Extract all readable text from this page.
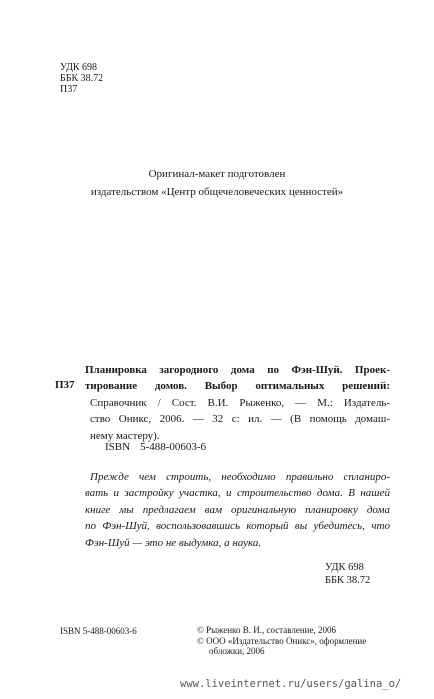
УДК 698
ББК 38.72
П37
Оригинал-макет подготовлен
издательством «Центр общечеловеческих ценностей»
П37
Планировка загородного дома по Фэн-Шуй. Проек-
тирование домов. Выбор оптимальных решений:
Справочник / Сост. В.И. Рыженко, — М.: Издатель-
ство Оникс, 2006. — 32 с: ил. — (В помощь домаш-
нему мастеру).
ISBN 5-488-00603-6
Прежде чем строить, необходимо правильно спланиро-
вать и застройку участка, и строительство дома. В нашей
книге мы предлагаем вам оригинальную планировку дома
по Фэн-Шуй, воспользовавшись который вы убедитесь, что
Фэн-Шуй — это не выдумка, а наука.
УДК 698
ББК 38.72
ISBN 5-488-00603-6	© Рыженко В. И., составление, 2006
© ООО «Издательство Оникс», оформление
обложки, 2006
www.liveinternet.ru/users/galina_o/
